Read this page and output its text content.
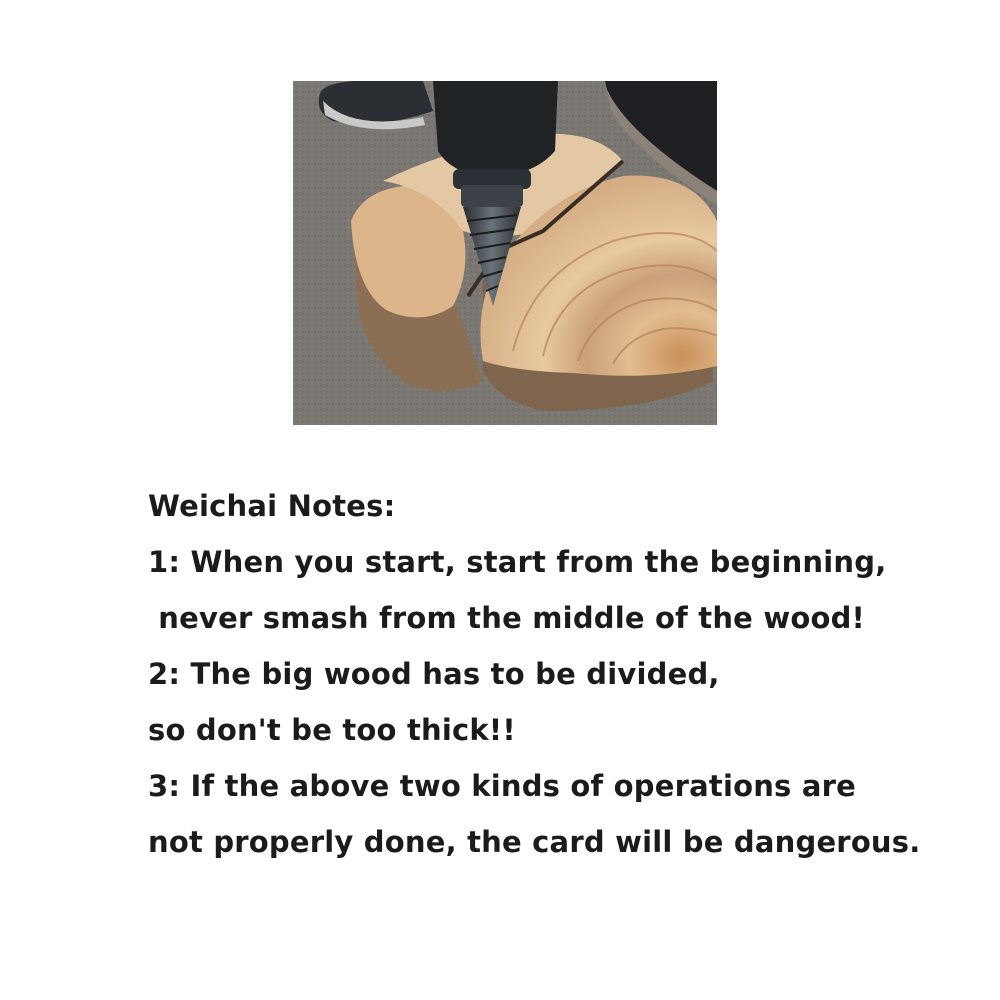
Weichai Notes:
1: When you start, start from the beginning,
never smash from the middle of the wood!
2: The big wood has to be divided,
so don't be too thick!!
3: If the above two kinds of operations are
not properly done, the card will be dangerous.
